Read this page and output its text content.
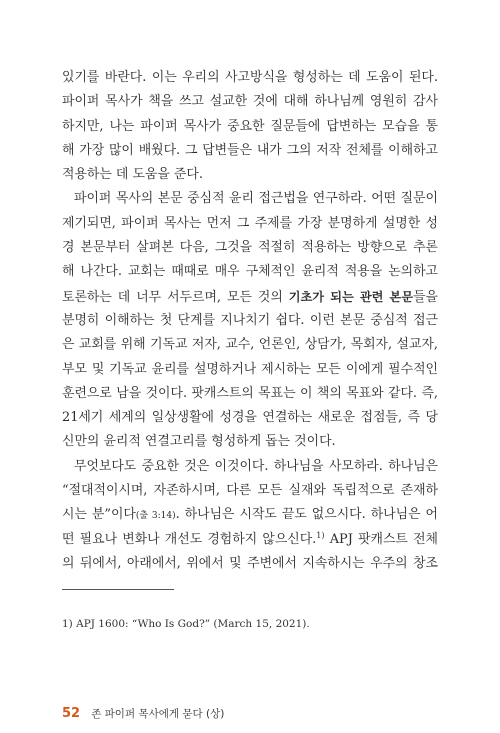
있기를 바란다. 이는 우리의 사고방식을 형성하는 데 도움이 된다.
파이퍼 목사가 책을 쓰고 설교한 것에 대해 하나님께 영원히 감사
하지만, 나는 파이퍼 목사가 중요한 질문들에 답변하는 모습을 통
해 가장 많이 배웠다. 그 답변들은 내가 그의 저작 전체를 이해하고
적용하는 데 도움을 준다.
파이퍼 목사의 본문 중심적 윤리 접근법을 연구하라. 어떤 질문이
제기되면, 파이퍼 목사는 먼저 그 주제를 가장 분명하게 설명한 성
경 본문부터 살펴본 다음, 그것을 적절히 적용하는 방향으로 추론
해 나간다. 교회는 때때로 매우 구체적인 윤리적 적용을 논의하고
토론하는 데 너무 서두르며, 모든 것의 기초가 되는 관련 본문들을
분명히 이해하는 첫 단계를 지나치기 쉽다. 이런 본문 중심적 접근
은 교회를 위해 기독교 저자, 교수, 언론인, 상담가, 목회자, 설교자,
부모 및 기독교 윤리를 설명하거나 제시하는 모든 이에게 필수적인
훈련으로 남을 것이다. 팟캐스트의 목표는 이 책의 목표와 같다. 즉,
21세기 세계의 일상생활에 성경을 연결하는 새로운 접점들, 즉 당
신만의 윤리적 연결고리를 형성하게 돕는 것이다.
무엇보다도 중요한 것은 이것이다. 하나님을 사모하라. 하나님은
“절대적이시며, 자존하시며, 다른 모든 실재와 독립적으로 존재하
시는 분”이다(출 3:14). 하나님은 시작도 끝도 없으시다. 하나님은 어
떤 필요나 변화나 개선도 경험하지 않으신다.$^{1)}$ APJ 팟캐스트 전체
의 뒤에서, 아래에서, 위에서 및 주변에서 지속하시는 우주의 창조
1) APJ 1600: “Who Is God?” (March 15, 2021).
52 존 파이퍼 목사에게 묻다 (상)
